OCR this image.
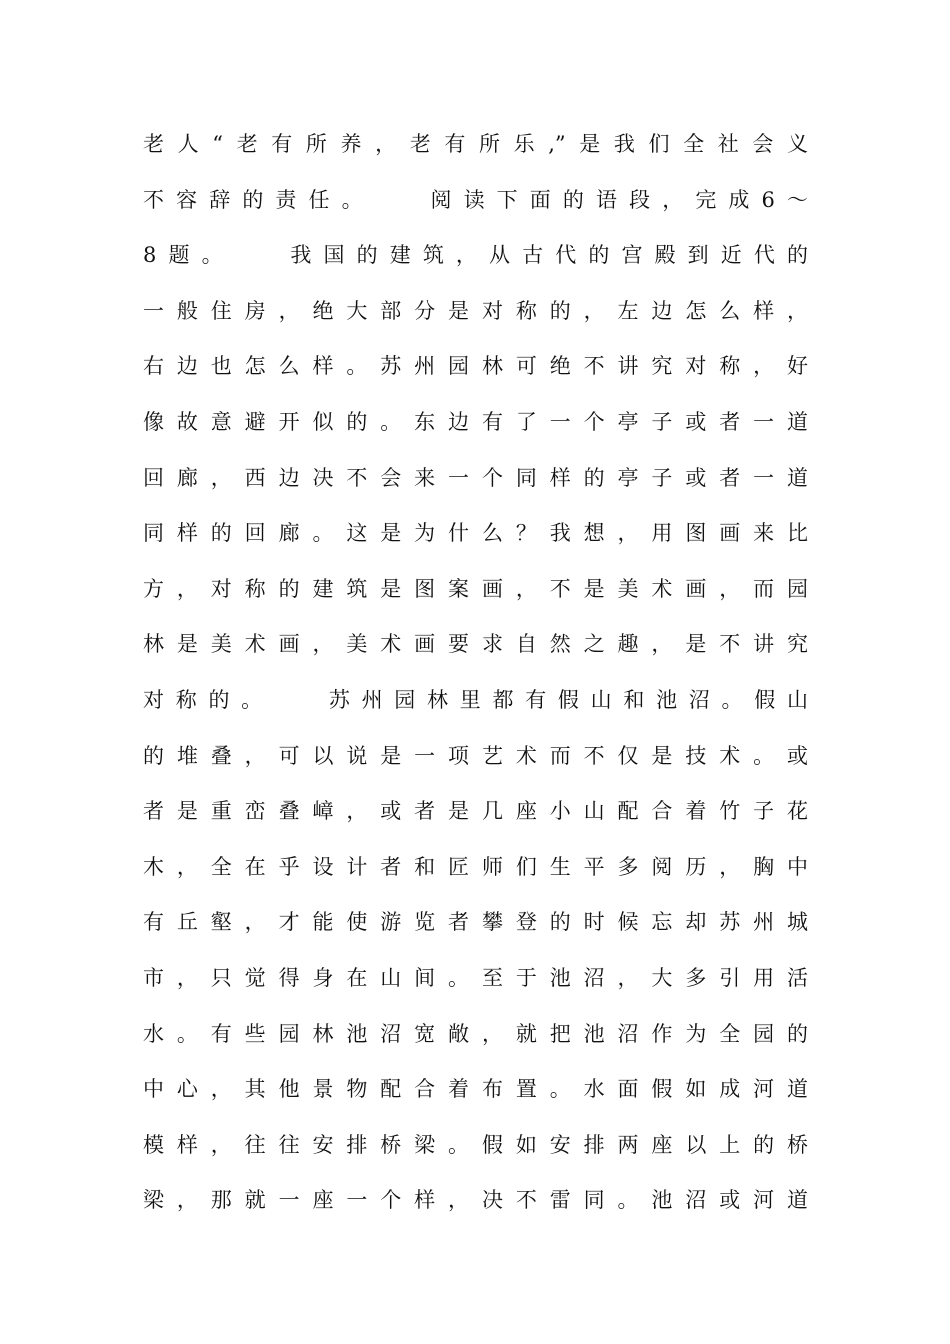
老人“老有所养，老有所乐,”是我们全社会义
不容辞的责任。　　阅读下面的语段，完成6～
8题。　　我国的建筑，从古代的宫殿到近代的
一般住房，绝大部分是对称的，左边怎么样，
右边也怎么样。苏州园林可绝不讲究对称，好
像故意避开似的。东边有了一个亭子或者一道
回廊，西边决不会来一个同样的亭子或者一道
同样的回廊。这是为什么？我想，用图画来比
方，对称的建筑是图案画，不是美术画，而园
林是美术画，美术画要求自然之趣，是不讲究
对称的。　　苏州园林里都有假山和池沼。假山
的堆叠，可以说是一项艺术而不仅是技术。或
者是重峦叠嶂，或者是几座小山配合着竹子花
木，全在乎设计者和匠师们生平多阅历，胸中
有丘壑，才能使游览者攀登的时候忘却苏州城
市，只觉得身在山间。至于池沼，大多引用活
水。有些园林池沼宽敞，就把池沼作为全园的
中心，其他景物配合着布置。水面假如成河道
模样，往往安排桥梁。假如安排两座以上的桥
梁，那就一座一个样，决不雷同。池沼或河道
